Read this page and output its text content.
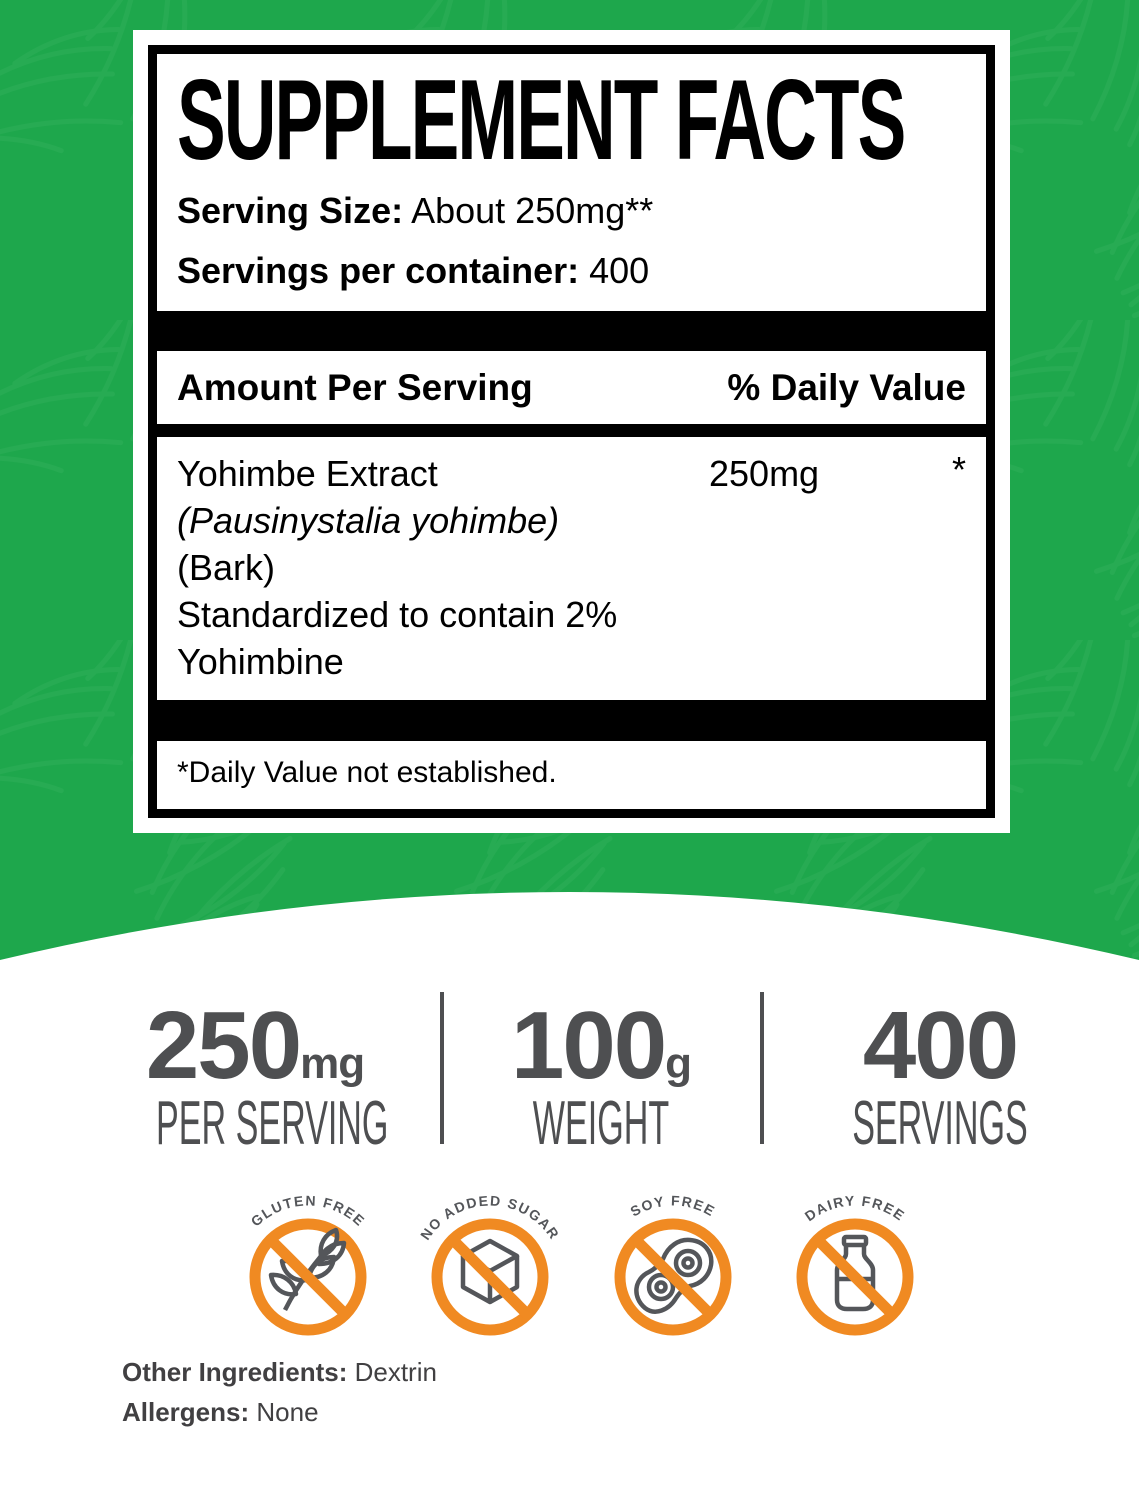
SUPPLEMENT FACTS
Serving Size: About 250mg**
Servings per container: 400
Amount Per Serving	% Daily Value
Yohimbe Extract
(Pausinystalia yohimbe)
(Bark)
Standardized to contain 2%
Yohimbine
250mg	*
*Daily Value not established.
250 mg
PER SERVING
100 g
WEIGHT
400
SERVINGS
GLUTEN FREE
NO ADDED SUGAR
SOY FREE	DAIRY FREE
Other Ingredients: Dextrin
Allergens: None
